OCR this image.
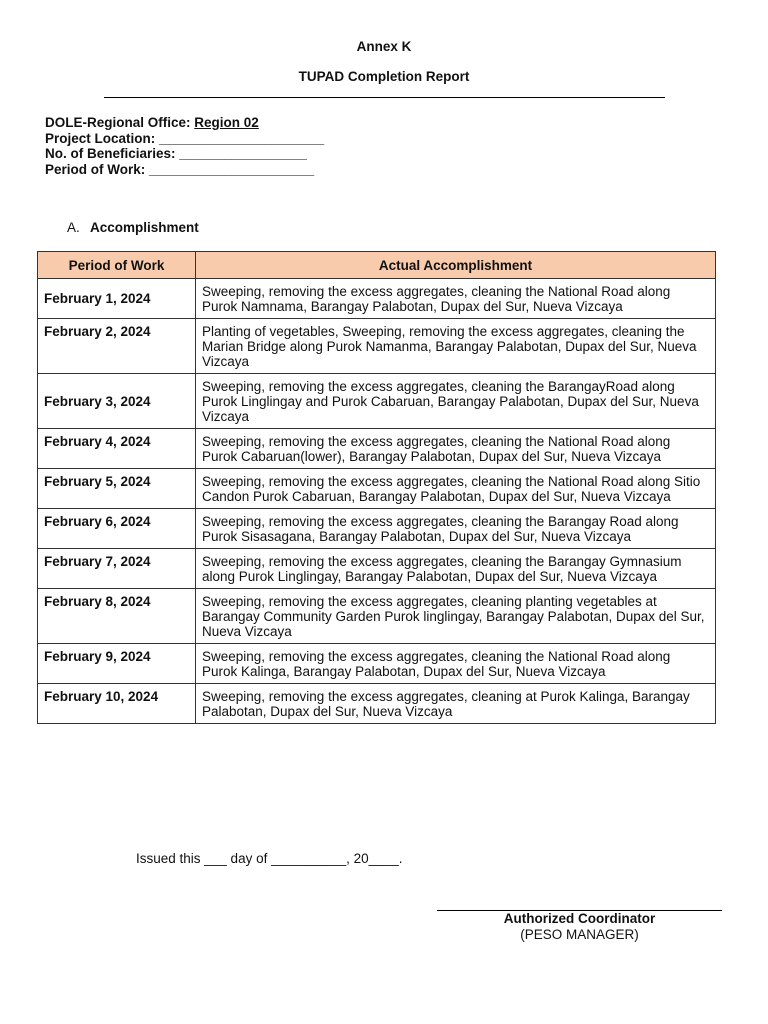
Annex K
TUPAD Completion Report
DOLE-Regional Office: Region 02
Project Location: ______________________
No. of Beneficiaries: _________________
Period of Work: ______________________
A. Accomplishment
Period of Work	Actual Accomplishment
February 1, 2024	Sweeping, removing the excess aggregates, cleaning the National Road along Purok Namnama, Barangay Palabotan, Dupax del Sur, Nueva Vizcaya
February 2, 2024	Planting of vegetables, Sweeping, removing the excess aggregates, cleaning the Marian Bridge along Purok Namanma, Barangay Palabotan, Dupax del Sur, Nueva Vizcaya
February 3, 2024	Sweeping, removing the excess aggregates, cleaning the BarangayRoad along Purok Linglingay and Purok Cabaruan, Barangay Palabotan, Dupax del Sur, Nueva Vizcaya
February 4, 2024	Sweeping, removing the excess aggregates, cleaning the National Road along Purok Cabaruan(lower), Barangay Palabotan, Dupax del Sur, Nueva Vizcaya
February 5, 2024	Sweeping, removing the excess aggregates, cleaning the National Road along Sitio Candon Purok Cabaruan, Barangay Palabotan, Dupax del Sur, Nueva Vizcaya
February 6, 2024	Sweeping, removing the excess aggregates, cleaning the Barangay Road along Purok Sisasagana, Barangay Palabotan, Dupax del Sur, Nueva Vizcaya
February 7, 2024	Sweeping, removing the excess aggregates, cleaning the Barangay Gymnasium along Purok Linglingay, Barangay Palabotan, Dupax del Sur, Nueva Vizcaya
February 8, 2024	Sweeping, removing the excess aggregates, cleaning planting vegetables at Barangay Community Garden Purok linglingay, Barangay Palabotan, Dupax del Sur, Nueva Vizcaya
February 9, 2024	Sweeping, removing the excess aggregates, cleaning the National Road along Purok Kalinga, Barangay Palabotan, Dupax del Sur, Nueva Vizcaya
February 10, 2024	Sweeping, removing the excess aggregates, cleaning at Purok Kalinga, Barangay Palabotan, Dupax del Sur, Nueva Vizcaya
Issued this ___ day of __________, 20____.
Authorized Coordinator
(PESO MANAGER)
